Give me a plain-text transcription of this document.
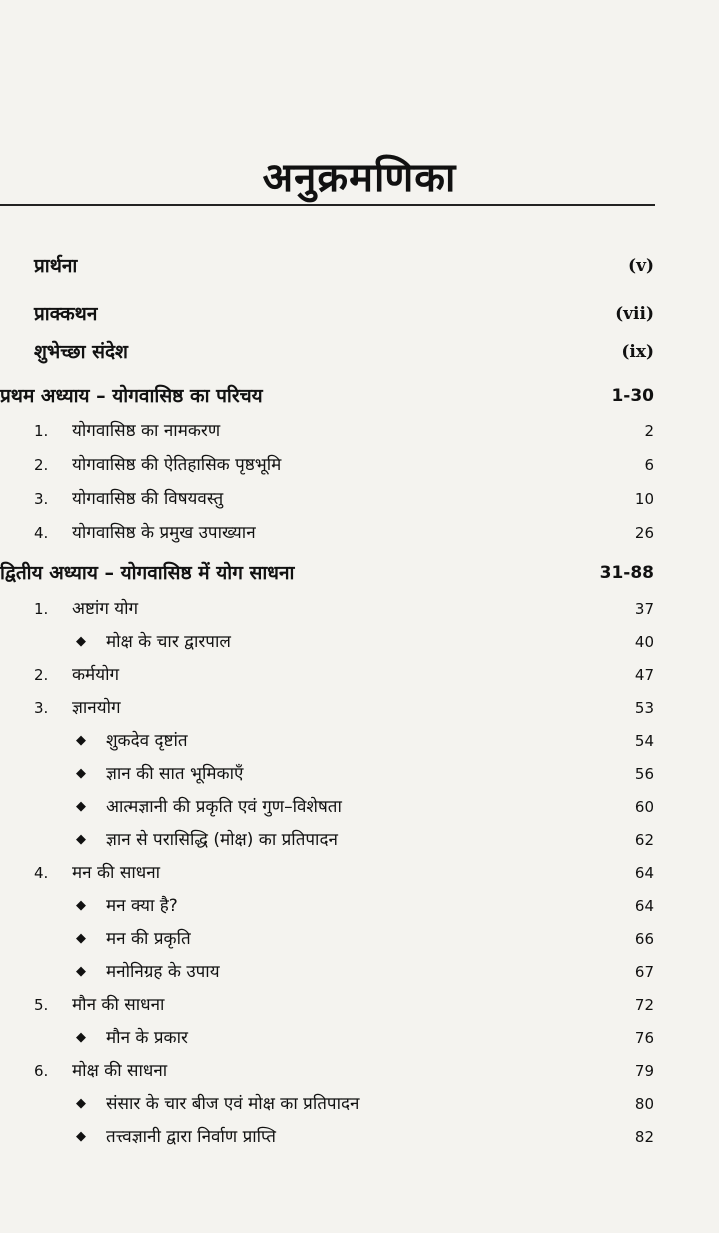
अनुक्रमणिका
प्रार्थना	(v)
प्राक्कथन	(vii)
शुभेच्छा संदेश	(ix)
प्रथम अध्याय – योगवासिष्ठ का परिचय	1-30
1. योगवासिष्ठ का नामकरण	2
2. योगवासिष्ठ की ऐतिहासिक पृष्ठभूमि	6
3. योगवासिष्ठ की विषयवस्तु	10
4. योगवासिष्ठ के प्रमुख उपाख्यान	26
द्वितीय अध्याय – योगवासिष्ठ में योग साधना	31-88
1. अष्टांग योग	37
◆ मोक्ष के चार द्वारपाल	40
2. कर्मयोग	47
3. ज्ञानयोग	53
◆ शुकदेव दृष्टांत	54
◆ ज्ञान की सात भूमिकाएँ	56
◆ आत्मज्ञानी की प्रकृति एवं गुण–विशेषता	60
◆ ज्ञान से परासिद्धि (मोक्ष) का प्रतिपादन	62
4. मन की साधना	64
◆ मन क्या है?	64
◆ मन की प्रकृति	66
◆ मनोनिग्रह के उपाय	67
5. मौन की साधना	72
◆ मौन के प्रकार	76
6. मोक्ष की साधना	79
◆ संसार के चार बीज एवं मोक्ष का प्रतिपादन	80
◆ तत्त्वज्ञानी द्वारा निर्वाण प्राप्ति	82
